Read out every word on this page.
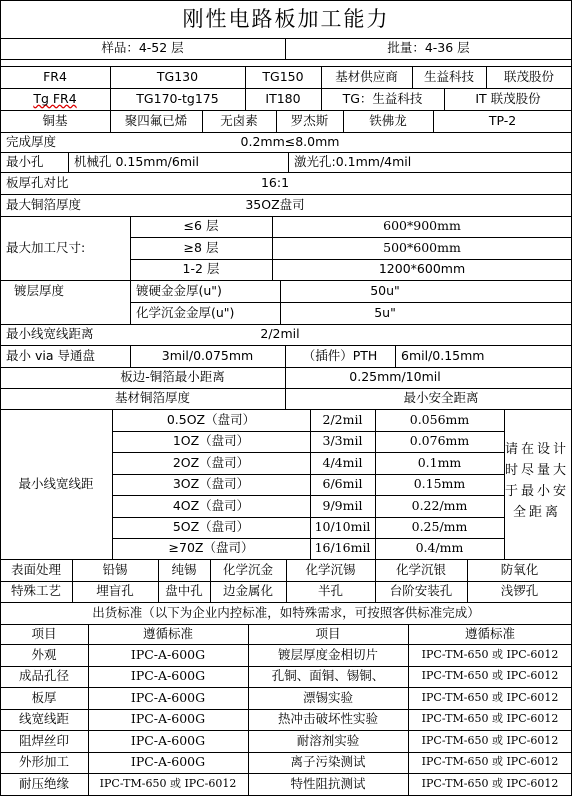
刚性电路板加工能力
样品：4-52 层	批量：4-36 层
FR4	TG130	TG150	基材供应商	生益科技	联茂股份
Tg FR4	TG170-tg175	IT180	TG：生益科技	IT 联茂股份
铜基	聚四氟已烯	无卤素	罗杰斯	铁佛龙	TP-2
完成厚度	0.2mm≤8.0mm
最小孔	机械孔 0.15mm/6mil	激光孔:0.1mm/4mil
板厚孔对比	16:1
最大铜箔厚度	35OZ盘司
最大加工尺寸:
≤6 层	600*900mm
≥8 层	500*600mm
1-2 层	1200*600mm
镀层厚度	镀硬金金厚(u")	50u"
化学沉金金厚(u")	5u"
最小线宽线距离	2/2mil
最小 via 导通盘	3mil/0.075mm	（插件）PTH	6mil/0.15mm
板边-铜箔最小距离	0.25mm/10mil
基材铜箔厚度	最小安全距离
最小线宽线距
请在设计时尽量大于最小安全距离
0.5OZ（盘司）	2/2mil	0.056mm
1OZ（盘司）	3/3mil	0.076mm
2OZ（盘司）	4/4mil	0.1mm
3OZ（盘司）	6/6mil	0.15mm
4OZ（盘司）	9/9mil	0.22/mm
5OZ（盘司）	10/10mil	0.25/mm
≥70Z（盘司）	16/16mil	0.4/mm
表面处理	铅锡	纯锡	化学沉金	化学沉锡	化学沉银	防氧化
特殊工艺	埋盲孔	盘中孔	边金属化	半孔	台阶安装孔	浅锣孔
出货标准（以下为企业内控标准，如特殊需求，可按照客供标准完成）
项目	遵循标准	项目	遵循标准
外观	IPC-A-600G	镀层厚度金相切片	IPC-TM-650 或 IPC-6012
成品孔径	IPC-A-600G	孔铜、面铜、锡铜、	IPC-TM-650 或 IPC-6012
板厚	IPC-A-600G	漂锡实验	IPC-TM-650 或 IPC-6012
线宽线距	IPC-A-600G	热冲击破坏性实验	IPC-TM-650 或 IPC-6012
阻焊丝印	IPC-A-600G	耐溶剂实验	IPC-TM-650 或 IPC-6012
外形加工	IPC-A-600G	离子污染测试	IPC-TM-650 或 IPC-6012
耐压绝缘	IPC-TM-650 或 IPC-6012	特性阻抗测试	IPC-TM-650 或 IPC-6012
